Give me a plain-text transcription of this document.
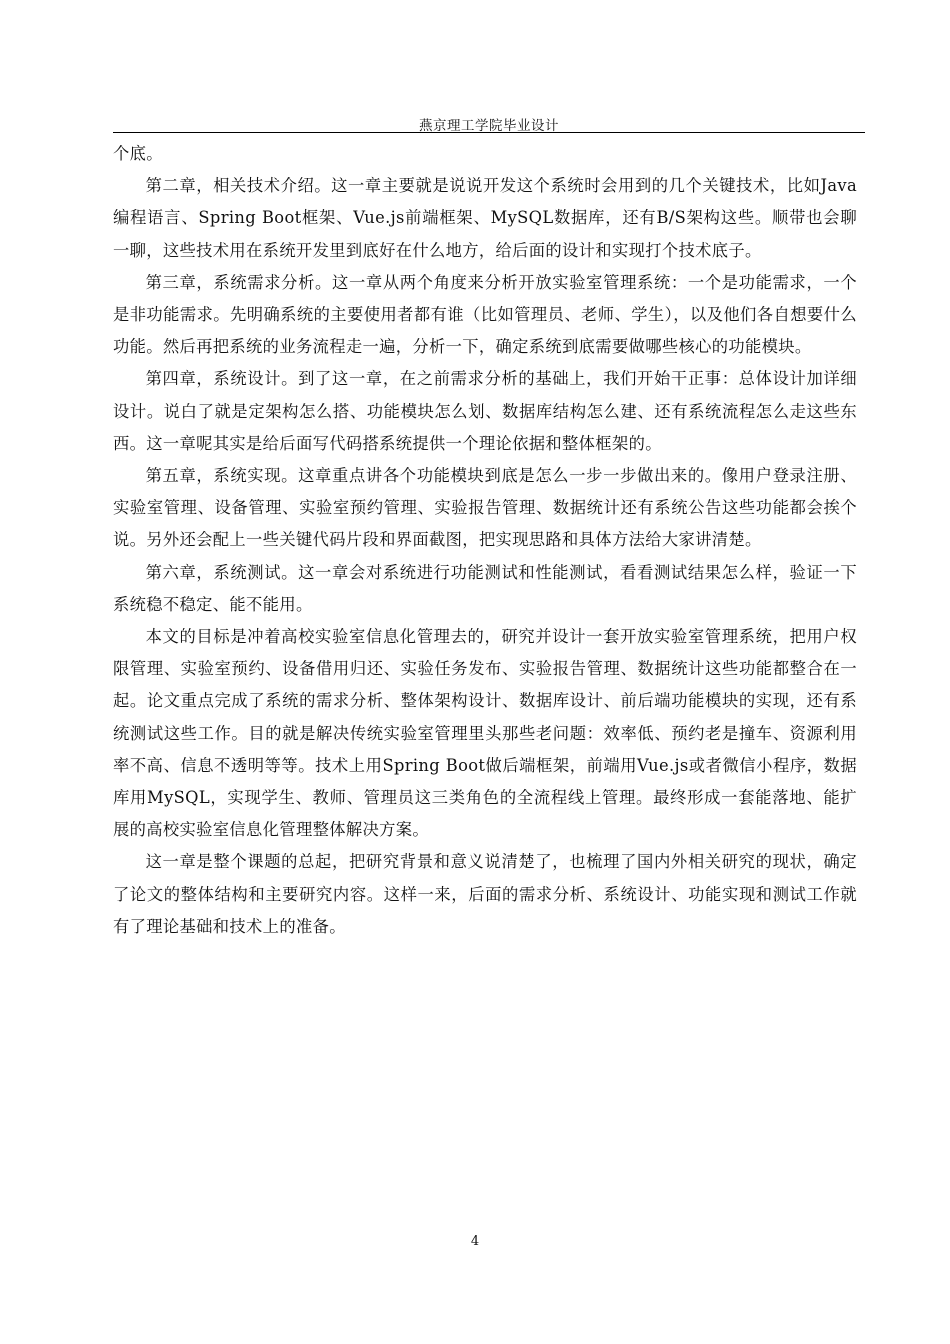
燕京理工学院毕业设计

个底。

第二章，相关技术介绍。这一章主要就是说说开发这个系统时会用到的几个关键技术，比如Java编程语言、Spring Boot框架、Vue.js前端框架、MySQL数据库，还有B/S架构这些。顺带也会聊一聊，这些技术用在系统开发里到底好在什么地方，给后面的设计和实现打个技术底子。

第三章，系统需求分析。这一章从两个角度来分析开放实验室管理系统：一个是功能需求，一个是非功能需求。先明确系统的主要使用者都有谁（比如管理员、老师、学生），以及他们各自想要什么功能。然后再把系统的业务流程走一遍，分析一下，确定系统到底需要做哪些核心的功能模块。

第四章，系统设计。到了这一章，在之前需求分析的基础上，我们开始干正事：总体设计加详细设计。说白了就是定架构怎么搭、功能模块怎么划、数据库结构怎么建、还有系统流程怎么走这些东西。这一章呢其实是给后面写代码搭系统提供一个理论依据和整体框架的。

第五章，系统实现。这章重点讲各个功能模块到底是怎么一步一步做出来的。像用户登录注册、实验室管理、设备管理、实验室预约管理、实验报告管理、数据统计还有系统公告这些功能都会挨个说。另外还会配上一些关键代码片段和界面截图，把实现思路和具体方法给大家讲清楚。

第六章，系统测试。这一章会对系统进行功能测试和性能测试，看看测试结果怎么样，验证一下系统稳不稳定、能不能用。

本文的目标是冲着高校实验室信息化管理去的，研究并设计一套开放实验室管理系统，把用户权限管理、实验室预约、设备借用归还、实验任务发布、实验报告管理、数据统计这些功能都整合在一起。论文重点完成了系统的需求分析、整体架构设计、数据库设计、前后端功能模块的实现，还有系统测试这些工作。目的就是解决传统实验室管理里头那些老问题：效率低、预约老是撞车、资源利用率不高、信息不透明等等。技术上用Spring Boot做后端框架，前端用Vue.js或者微信小程序，数据库用MySQL，实现学生、教师、管理员这三类角色的全流程线上管理。最终形成一套能落地、能扩展的高校实验室信息化管理整体解决方案。

这一章是整个课题的总起，把研究背景和意义说清楚了，也梳理了国内外相关研究的现状，确定了论文的整体结构和主要研究内容。这样一来，后面的需求分析、系统设计、功能实现和测试工作就有了理论基础和技术上的准备。

4
